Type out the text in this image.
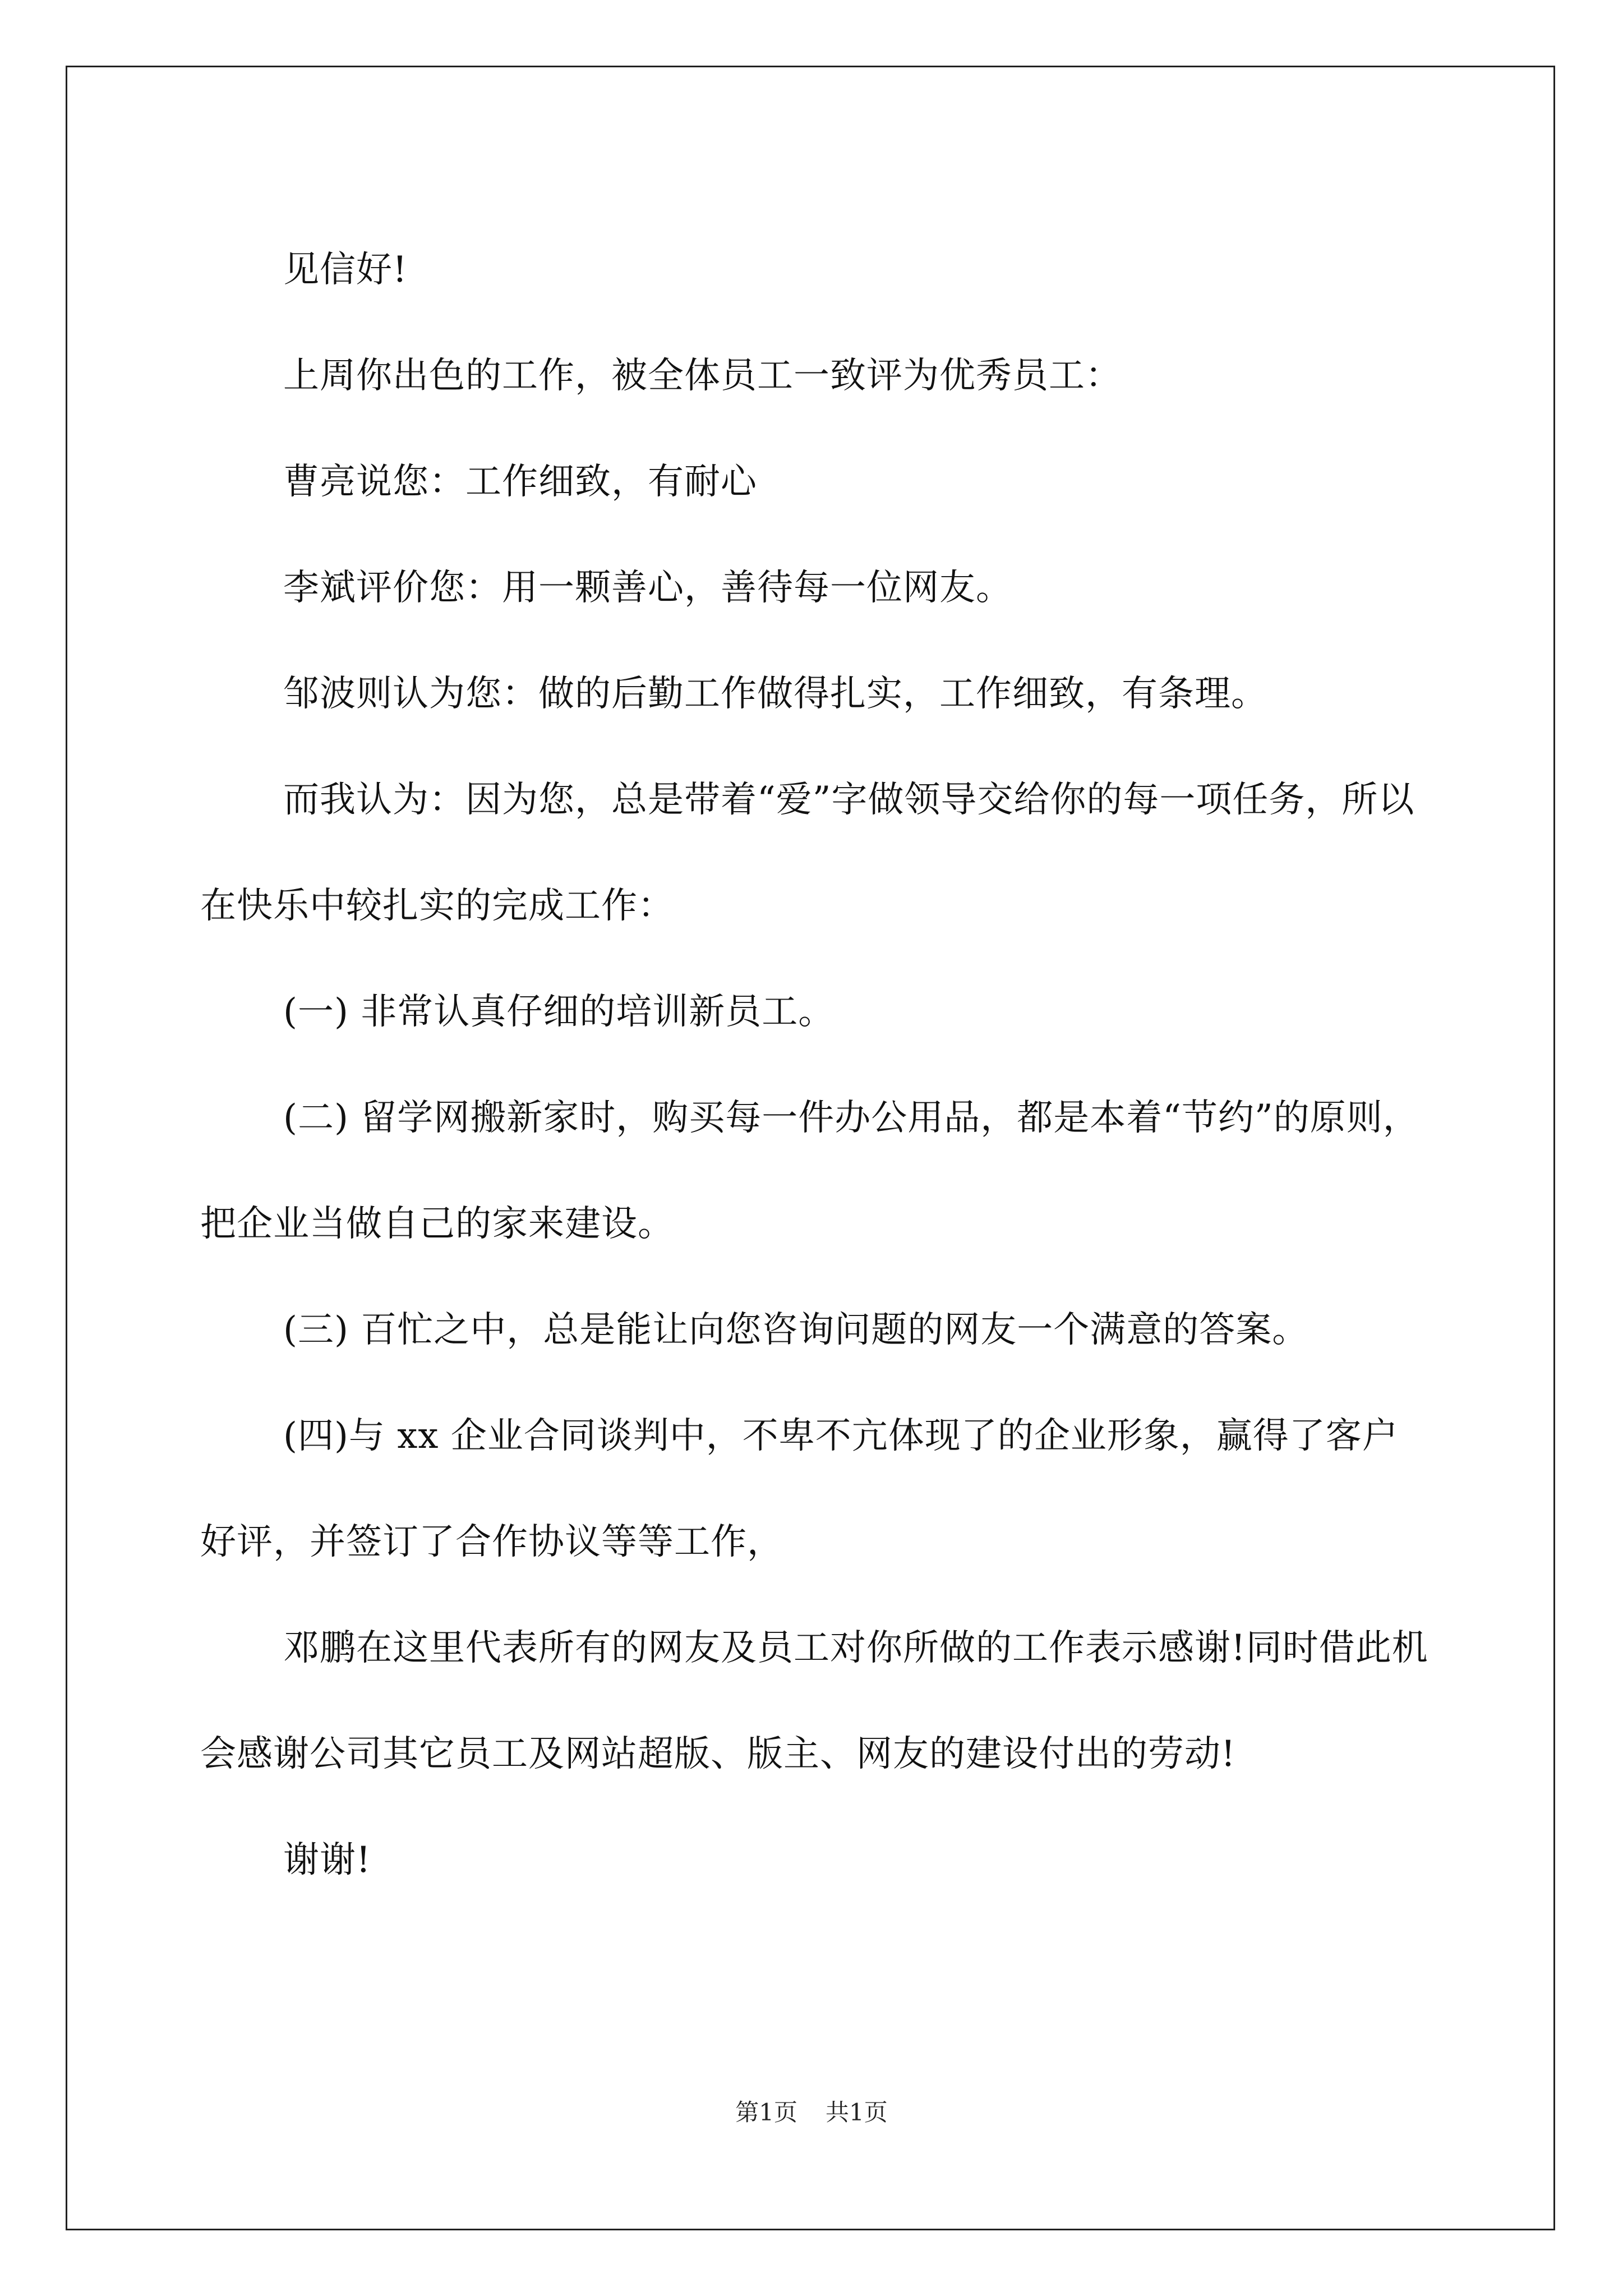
见信好!

上周你出色的工作，被全体员工一致评为优秀员工：

曹亮说您：工作细致，有耐心

李斌评价您：用一颗善心，善待每一位网友。

邹波则认为您：做的后勤工作做得扎实，工作细致，有条理。

而我认为：因为您，总是带着“爱”字做领导交给你的每一项任务，所以在快乐中较扎实的完成工作：

(一) 非常认真仔细的培训新员工。

(二) 留学网搬新家时，购买每一件办公用品，都是本着“节约”的原则，把企业当做自己的家来建设。

(三) 百忙之中，总是能让向您咨询问题的网友一个满意的答案。

(四)与 xx 企业合同谈判中，不卑不亢体现了的企业形象，赢得了客户好评，并签订了合作协议等等工作，

邓鹏在这里代表所有的网友及员工对你所做的工作表示感谢!同时借此机会感谢公司其它员工及网站超版、版主、网友的建设付出的劳动!

谢谢!

第1页 共1页
